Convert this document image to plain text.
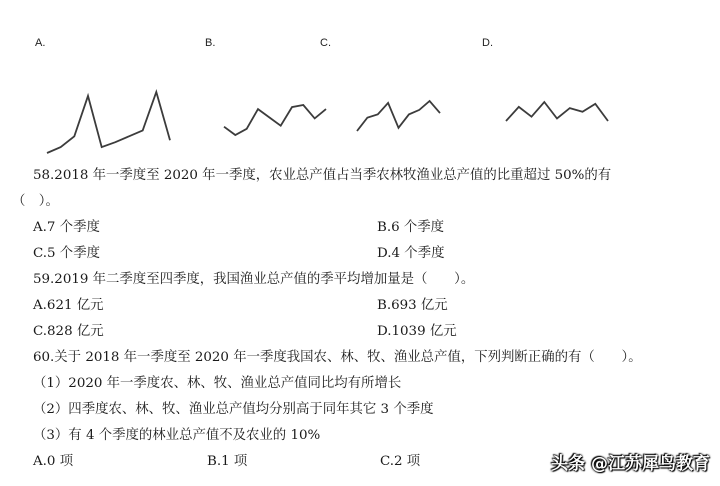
A.	B.	C.	D.
58.2018 年一季度至 2020 年一季度，农业总产值占当季农林牧渔业总产值的比重超过 50%的有
（　）。
A.7 个季度	B.6 个季度
C.5 个季度	D.4 个季度
59.2019 年二季度至四季度，我国渔业总产值的季平均增加量是（　　）。
A.621 亿元	B.693 亿元
C.828 亿元	D.1039 亿元
60.关于 2018 年一季度至 2020 年一季度我国农、林、牧、渔业总产值，下列判断正确的有（　　）。
（1）2020 年一季度农、林、牧、渔业总产值同比均有所增长
（2）四季度农、林、牧、渔业总产值均分别高于同年其它 3 个季度
（3）有 4 个季度的林业总产值不及农业的 10%
A.0 项	B.1 项	C.2 项	头条 @江苏犀鸟教育
